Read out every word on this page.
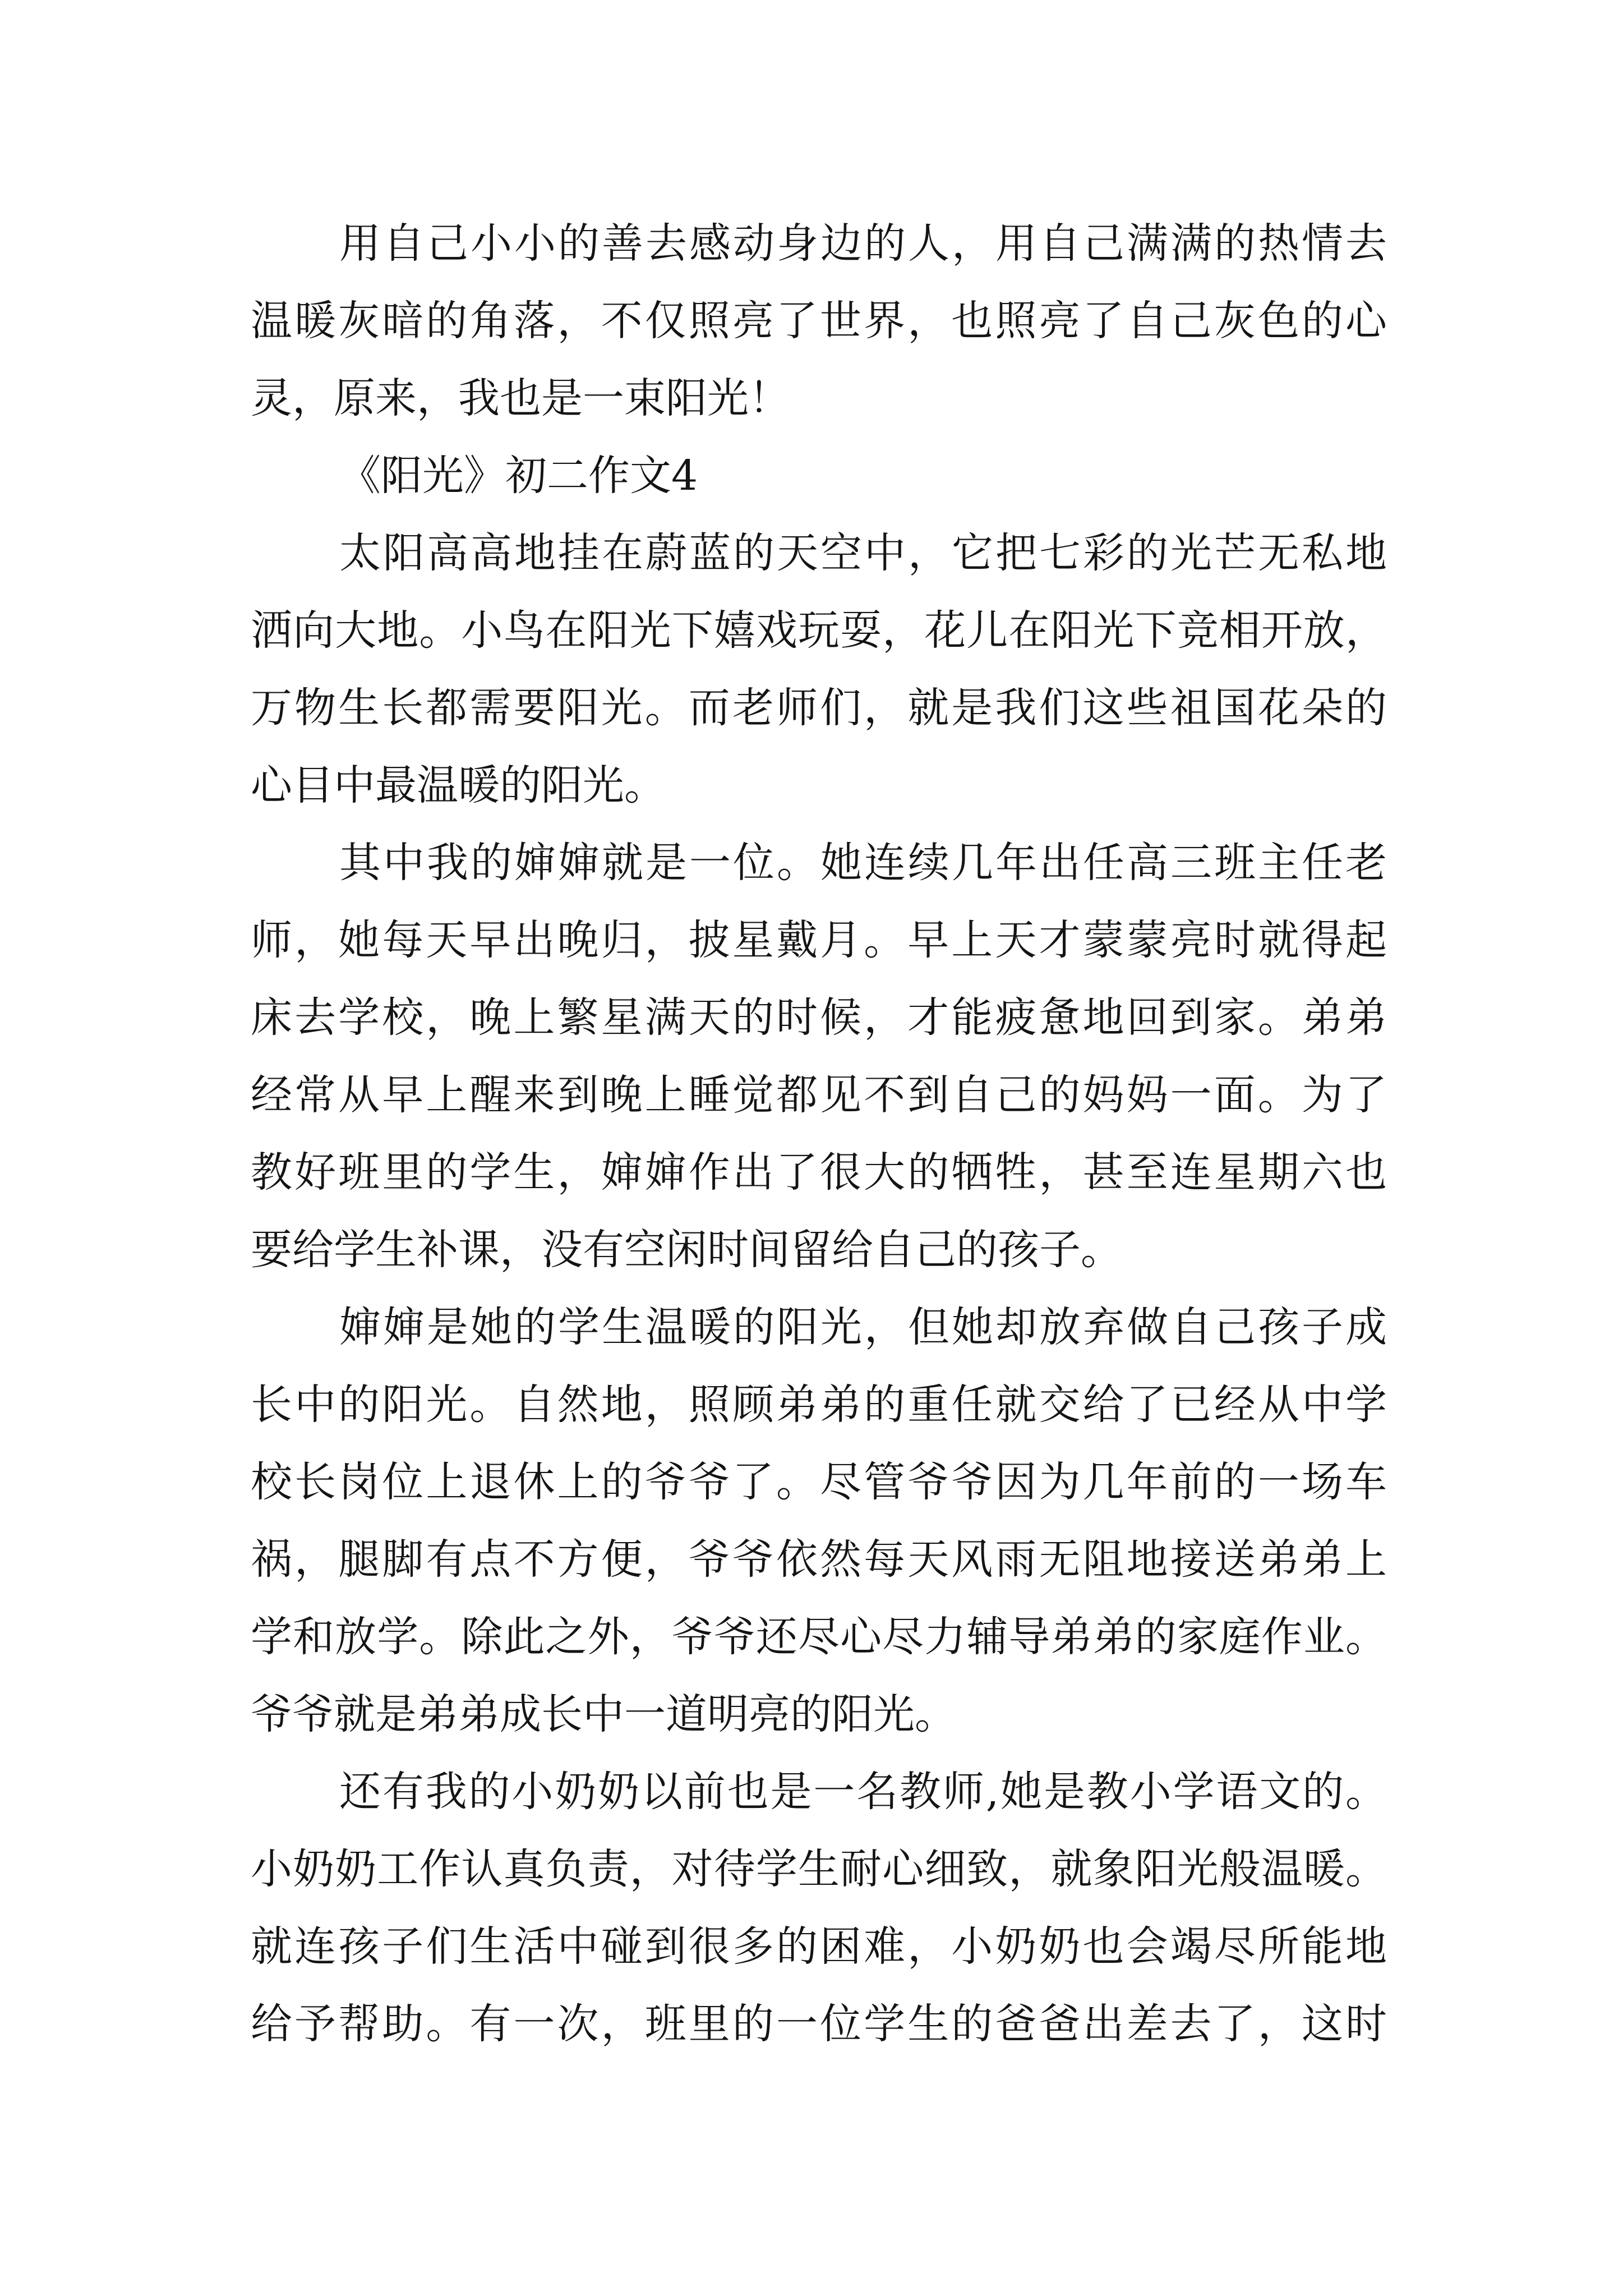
用自己小小的善去感动身边的人，用自己满满的热情去
温暖灰暗的角落，不仅照亮了世界，也照亮了自己灰色的心
灵，原来，我也是一束阳光！
《阳光》初二作文4
太阳高高地挂在蔚蓝的天空中，它把七彩的光芒无私地
洒向大地。小鸟在阳光下嬉戏玩耍，花儿在阳光下竞相开放，
万物生长都需要阳光。而老师们，就是我们这些祖国花朵的
心目中最温暖的阳光。
其中我的婶婶就是一位。她连续几年出任高三班主任老
师，她每天早出晚归，披星戴月。早上天才蒙蒙亮时就得起
床去学校，晚上繁星满天的时候，才能疲惫地回到家。弟弟
经常从早上醒来到晚上睡觉都见不到自己的妈妈一面。为了
教好班里的学生，婶婶作出了很大的牺牲，甚至连星期六也
要给学生补课，没有空闲时间留给自己的孩子。
婶婶是她的学生温暖的阳光，但她却放弃做自己孩子成
长中的阳光。自然地，照顾弟弟的重任就交给了已经从中学
校长岗位上退休上的爷爷了。尽管爷爷因为几年前的一场车
祸，腿脚有点不方便，爷爷依然每天风雨无阻地接送弟弟上
学和放学。除此之外，爷爷还尽心尽力辅导弟弟的家庭作业。
爷爷就是弟弟成长中一道明亮的阳光。
还有我的小奶奶以前也是一名教师,她是教小学语文的。
小奶奶工作认真负责，对待学生耐心细致，就象阳光般温暖。
就连孩子们生活中碰到很多的困难，小奶奶也会竭尽所能地
给予帮助。有一次，班里的一位学生的爸爸出差去了，这时
